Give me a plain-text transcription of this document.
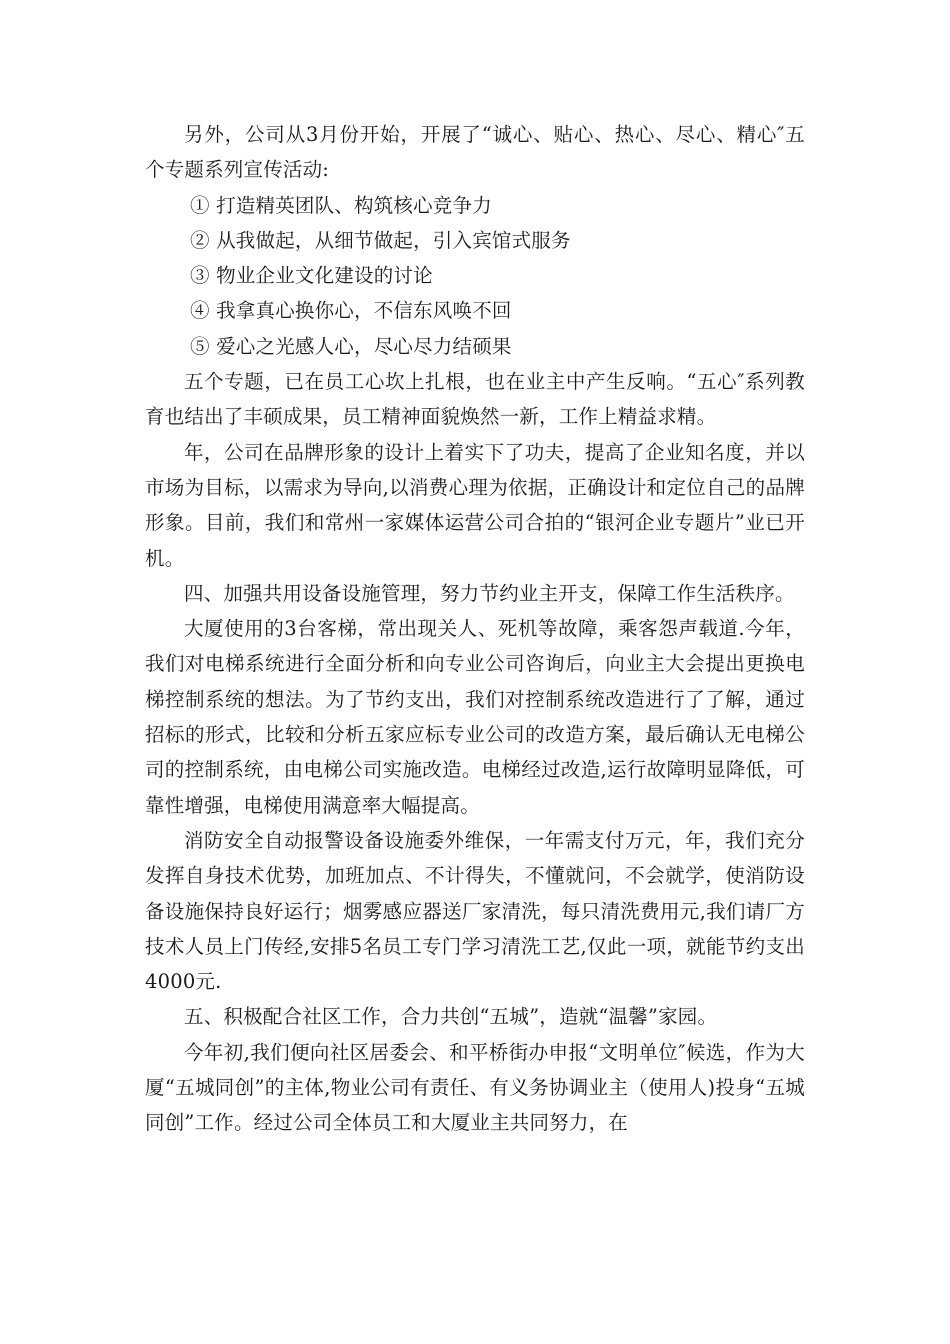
另外，公司从3月份开始，开展了“诚心、贴心、热心、尽心、精心″五个专题系列宣传活动:

① 打造精英团队、构筑核心竞争力

② 从我做起，从细节做起，引入宾馆式服务

③ 物业企业文化建设的讨论

④ 我拿真心换你心，不信东风唤不回

⑤ 爱心之光感人心，尽心尽力结硕果

五个专题，已在员工心坎上扎根，也在业主中产生反响。“五心″系列教育也结出了丰硕成果，员工精神面貌焕然一新，工作上精益求精。

年，公司在品牌形象的设计上着实下了功夫，提高了企业知名度，并以市场为目标，以需求为导向,以消费心理为依据，正确设计和定位自己的品牌形象。目前，我们和常州一家媒体运营公司合拍的“银河企业专题片”业已开机。

四、加强共用设备设施管理，努力节约业主开支，保障工作生活秩序。

大厦使用的3台客梯，常出现关人、死机等故障，乘客怨声载道.今年，我们对电梯系统进行全面分析和向专业公司咨询后，向业主大会提出更换电梯控制系统的想法。为了节约支出，我们对控制系统改造进行了了解，通过招标的形式，比较和分析五家应标专业公司的改造方案，最后确认无电梯公司的控制系统，由电梯公司实施改造。电梯经过改造,运行故障明显降低，可靠性增强，电梯使用满意率大幅提高。

消防安全自动报警设备设施委外维保，一年需支付万元，年，我们充分发挥自身技术优势，加班加点、不计得失，不懂就问，不会就学，使消防设备设施保持良好运行；烟雾感应器送厂家清洗，每只清洗费用元,我们请厂方技术人员上门传经,安排5名员工专门学习清洗工艺,仅此一项，就能节约支出4000元.

五、积极配合社区工作，合力共创“五城”，造就“温馨”家园。

今年初,我们便向社区居委会、和平桥街办申报“文明单位″候选，作为大厦“五城同创”的主体,物业公司有责任、有义务协调业主（使用人)投身“五城同创”工作。经过公司全体员工和大厦业主共同努力，在
